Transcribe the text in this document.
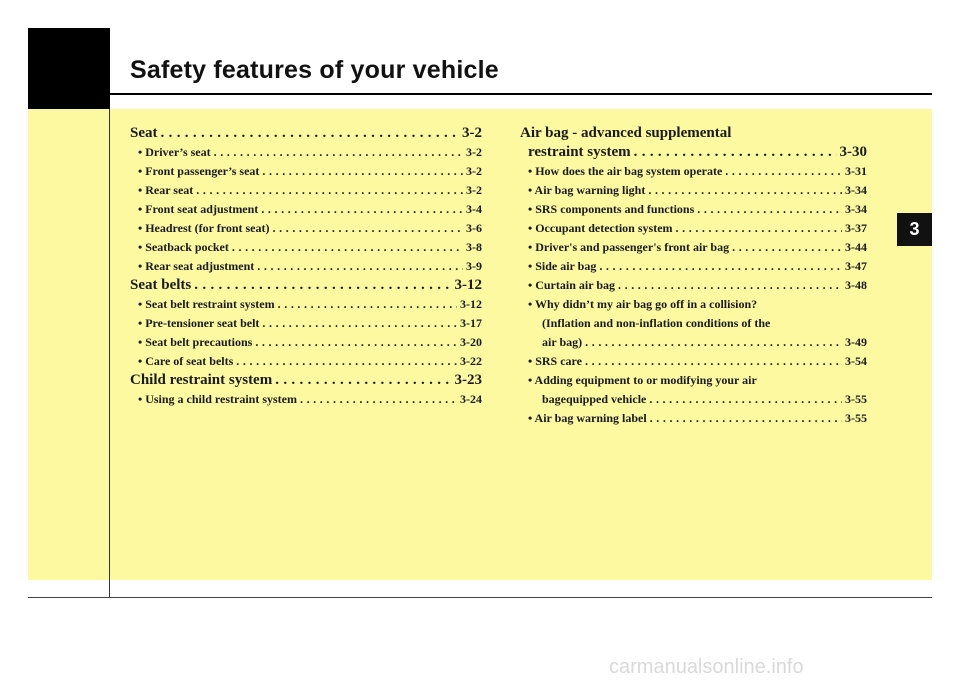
Safety features of your vehicle
3
Seat . . .	3-2
• Driver’s seat . . .	3-2
• Front passenger’s seat . . .	3-2
• Rear seat . . .	3-2
• Front seat adjustment . . .	3-4
• Headrest (for front seat) . . .	3-6
• Seatback pocket . . .	3-8
• Rear seat adjustment . . .	3-9
Seat belts . . .	3-12
• Seat belt restraint system . . .	3-12
• Pre-tensioner seat belt . . .	3-17
• Seat belt precautions . . .	3-20
• Care of seat belts . . .	3-22
Child restraint system . . .	3-23
• Using a child restraint system . . .	3-24
Air bag - advanced supplemental
restraint system . . .	3-30
• How does the air bag system operate . . .	3-31
• Air bag warning light . . .	3-34
• SRS components and functions . . .	3-34
• Occupant detection system . . .	3-37
• Driver's and passenger's front air bag . . .	3-44
• Side air bag . . .	3-47
• Curtain air bag . . .	3-48
• Why didn’t my air bag go off in a collision?
(Inflation and non-inflation conditions of the
air bag) . . .	3-49
• SRS care . . .	3-54
• Adding equipment to or modifying your air
bagequipped vehicle . . .	3-55
• Air bag warning label . . .	3-55
carmanualsonline.info
